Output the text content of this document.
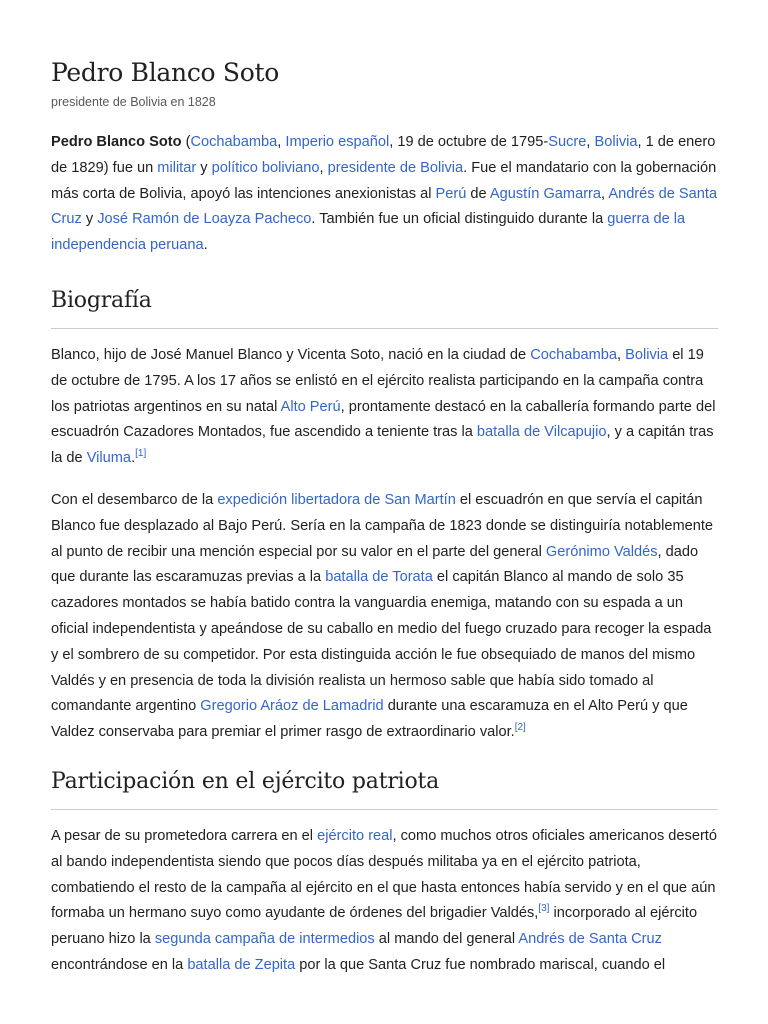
Pedro Blanco Soto
presidente de Bolivia en 1828

Pedro Blanco Soto (Cochabamba, Imperio español, 19 de octubre de 1795-Sucre, Bolivia, 1 de enero de 1829) fue un militar y político boliviano, presidente de Bolivia. Fue el mandatario con la gobernación más corta de Bolivia, apoyó las intenciones anexionistas al Perú de Agustín Gamarra, Andrés de Santa Cruz y José Ramón de Loayza Pacheco. También fue un oficial distinguido durante la guerra de la independencia peruana.

Biografía

Blanco, hijo de José Manuel Blanco y Vicenta Soto, nació en la ciudad de Cochabamba, Bolivia el 19 de octubre de 1795. A los 17 años se enlistó en el ejército realista participando en la campaña contra los patriotas argentinos en su natal Alto Perú, prontamente destacó en la caballería formando parte del escuadrón Cazadores Montados, fue ascendido a teniente tras la batalla de Vilcapujio, y a capitán tras la de Viluma.[1]

Con el desembarco de la expedición libertadora de San Martín el escuadrón en que servía el capitán Blanco fue desplazado al Bajo Perú. Sería en la campaña de 1823 donde se distinguiría notablemente al punto de recibir una mención especial por su valor en el parte del general Gerónimo Valdés, dado que durante las escaramuzas previas a la batalla de Torata el capitán Blanco al mando de solo 35 cazadores montados se había batido contra la vanguardia enemiga, matando con su espada a un oficial independentista y apeándose de su caballo en medio del fuego cruzado para recoger la espada y el sombrero de su competidor. Por esta distinguida acción le fue obsequiado de manos del mismo Valdés y en presencia de toda la división realista un hermoso sable que había sido tomado al comandante argentino Gregorio Aráoz de Lamadrid durante una escaramuza en el Alto Perú y que Valdez conservaba para premiar el primer rasgo de extraordinario valor.[2]

Participación en el ejército patriota

A pesar de su prometedora carrera en el ejército real, como muchos otros oficiales americanos desertó al bando independentista siendo que pocos días después militaba ya en el ejército patriota, combatiendo el resto de la campaña al ejército en el que hasta entonces había servido y en el que aún formaba un hermano suyo como ayudante de órdenes del brigadier Valdés,[3] incorporado al ejército peruano hizo la segunda campaña de intermedios al mando del general Andrés de Santa Cruz encontrándose en la batalla de Zepita por la que Santa Cruz fue nombrado mariscal, cuando el
